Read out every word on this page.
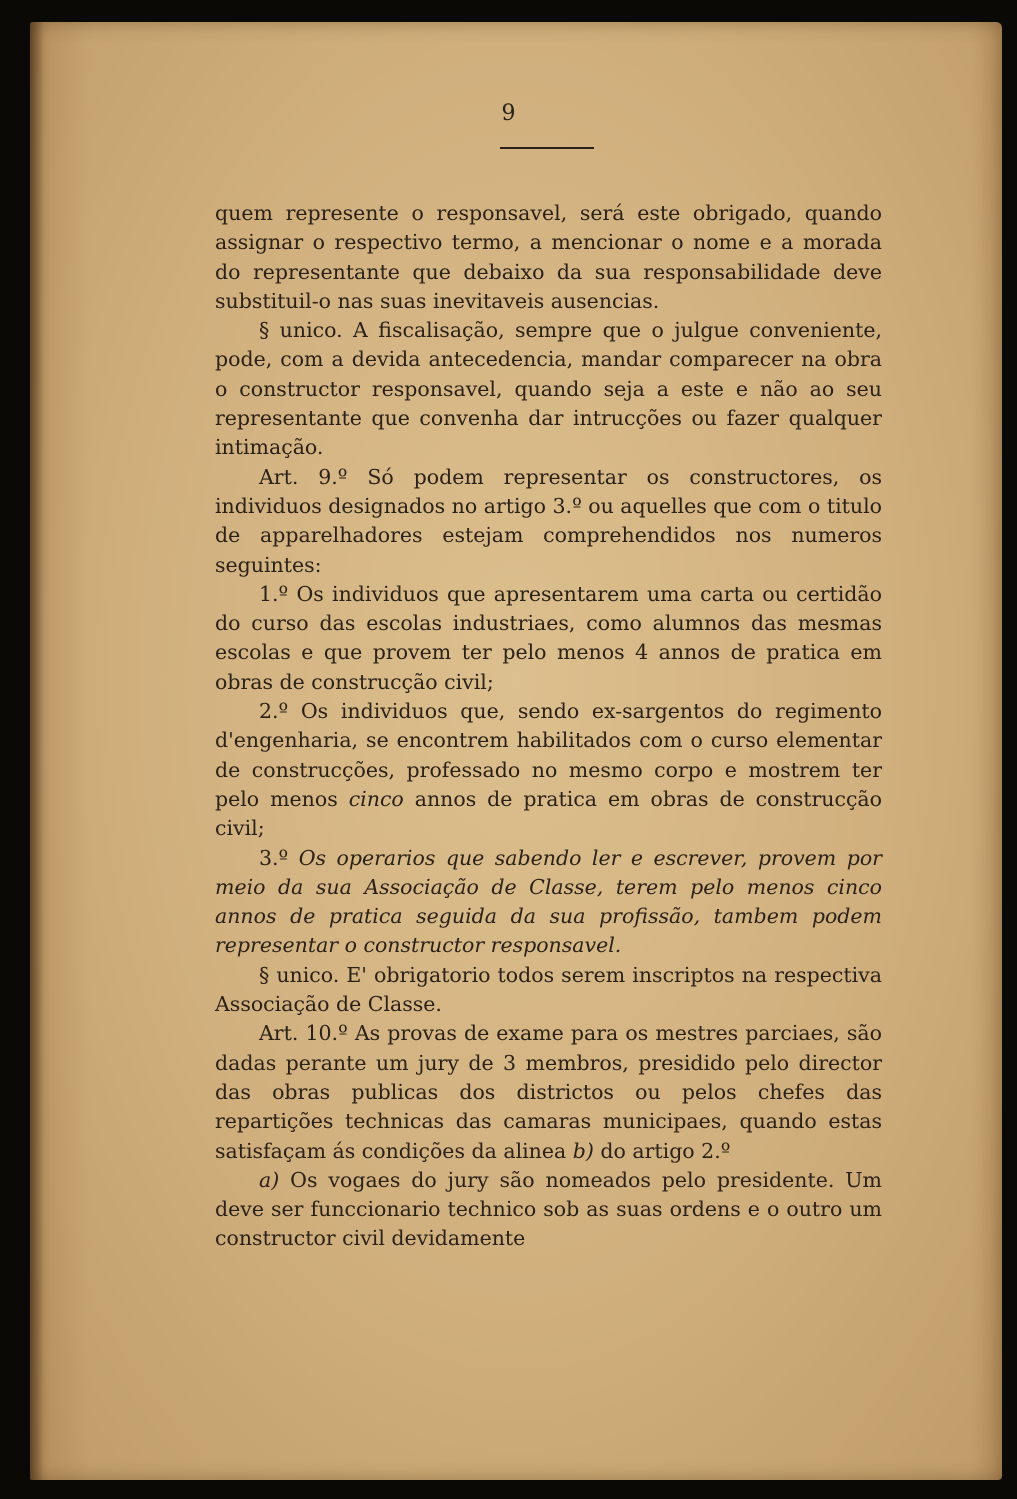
9

quem represente o responsavel, será este obrigado, quando assignar o respectivo termo, a mencionar o nome e a morada do representante que debaixo da sua responsabilidade deve substituil-o nas suas inevitaveis ausencias.

§ unico. A fiscalisação, sempre que o julgue conveniente, pode, com a devida antecedencia, mandar comparecer na obra o constructor responsavel, quando seja a este e não ao seu representante que convenha dar intrucções ou fazer qualquer intimação.

Art. 9.º Só podem representar os constructores, os individuos designados no artigo 3.º ou aquelles que com o titulo de apparelhadores estejam comprehendidos nos numeros seguintes:

1.º Os individuos que apresentarem uma carta ou certidão do curso das escolas industriaes, como alumnos das mesmas escolas e que provem ter pelo menos 4 annos de pratica em obras de construcção civil;

2.º Os individuos que, sendo ex-sargentos do regimento d'engenharia, se encontrem habilitados com o curso elementar de construcções, professado no mesmo corpo e mostrem ter pelo menos cinco annos de pratica em obras de construcção civil;

3.º Os operarios que sabendo ler e escrever, provem por meio da sua Associação de Classe, terem pelo menos cinco annos de pratica seguida da sua profissão, tambem podem representar o constructor responsavel.

§ unico. E' obrigatorio todos serem inscriptos na respectiva Associação de Classe.

Art. 10.º As provas de exame para os mestres parciaes, são dadas perante um jury de 3 membros, presidido pelo director das obras publicas dos districtos ou pelos chefes das repartições technicas das camaras municipaes, quando estas satisfaçam ás condições da alinea b) do artigo 2.º

a) Os vogaes do jury são nomeados pelo presidente. Um deve ser funccionario technico sob as suas ordens e o outro um constructor civil devidamente
